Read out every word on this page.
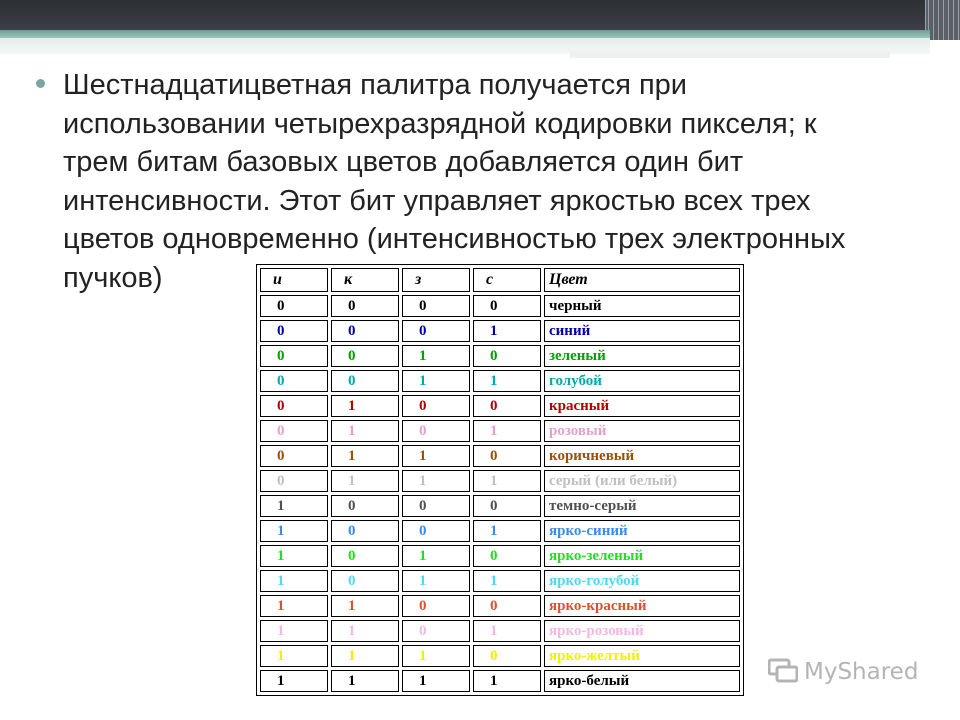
Шестнадцатицветная палитра получается при
использовании четырехразрядной кодировки пикселя; к
трем битам базовых цветов добавляется один бит
интенсивности. Этот бит управляет яркостью всех трех
цветов одновременно (интенсивностью трех электронных
пучков)	и	к	з	с	Цвет
0	0	0	0	черный
0	0	0	1	синий
0	0	1	0	зеленый
0	0	1	1	голубой
0	1	0	0	красный
0	1	0	1	розовый
0	1	1	0	коричневый
0	1	1	1	серый (или белый)
1	0	0	0	темно-серый
1	0	0	1	ярко-синий
1	0	1	0	ярко-зеленый
1	0	1	1	ярко-голубой
1	1	0	0	ярко-красный
1	1	0	1	ярко-розовый
1	1	1	0	ярко-желтый
1	1	1	1	ярко-белый	MyShared
